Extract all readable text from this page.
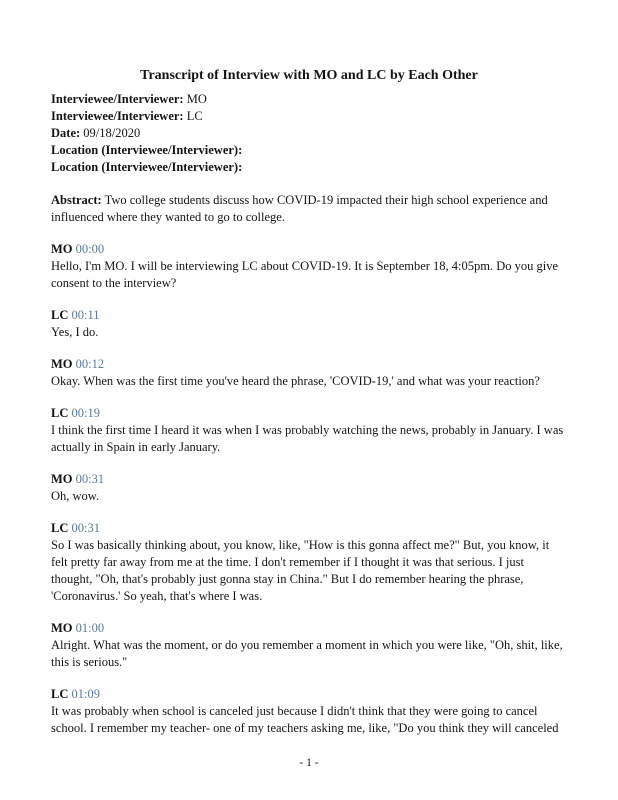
Transcript of Interview with MO and LC by Each Other

Interviewee/Interviewer: MO

Interviewee/Interviewer: LC

Date: 09/18/2020

Location (Interviewee/Interviewer):

Location (Interviewee/Interviewer):

Abstract: Two college students discuss how COVID-19 impacted their high school experience and influenced where they wanted to go to college.

MO 00:00

Hello, I'm MO. I will be interviewing LC about COVID-19. It is September 18, 4:05pm. Do you give consent to the interview?

LC 00:11

Yes, I do.

MO 00:12

Okay. When was the first time you've heard the phrase, 'COVID-19,' and what was your reaction?

LC 00:19

I think the first time I heard it was when I was probably watching the news, probably in January. I was actually in Spain in early January.

MO 00:31

Oh, wow.

LC 00:31

So I was basically thinking about, you know, like, "How is this gonna affect me?" But, you know, it felt pretty far away from me at the time. I don't remember if I thought it was that serious. I just thought, "Oh, that's probably just gonna stay in China." But I do remember hearing the phrase, 'Coronavirus.' So yeah, that's where I was.

MO 01:00

Alright. What was the moment, or do you remember a moment in which you were like, "Oh, shit, like, this is serious."

LC 01:09

It was probably when school is canceled just because I didn't think that they were going to cancel school. I remember my teacher- one of my teachers asking me, like, "Do you think they will canceled

- 1 -
